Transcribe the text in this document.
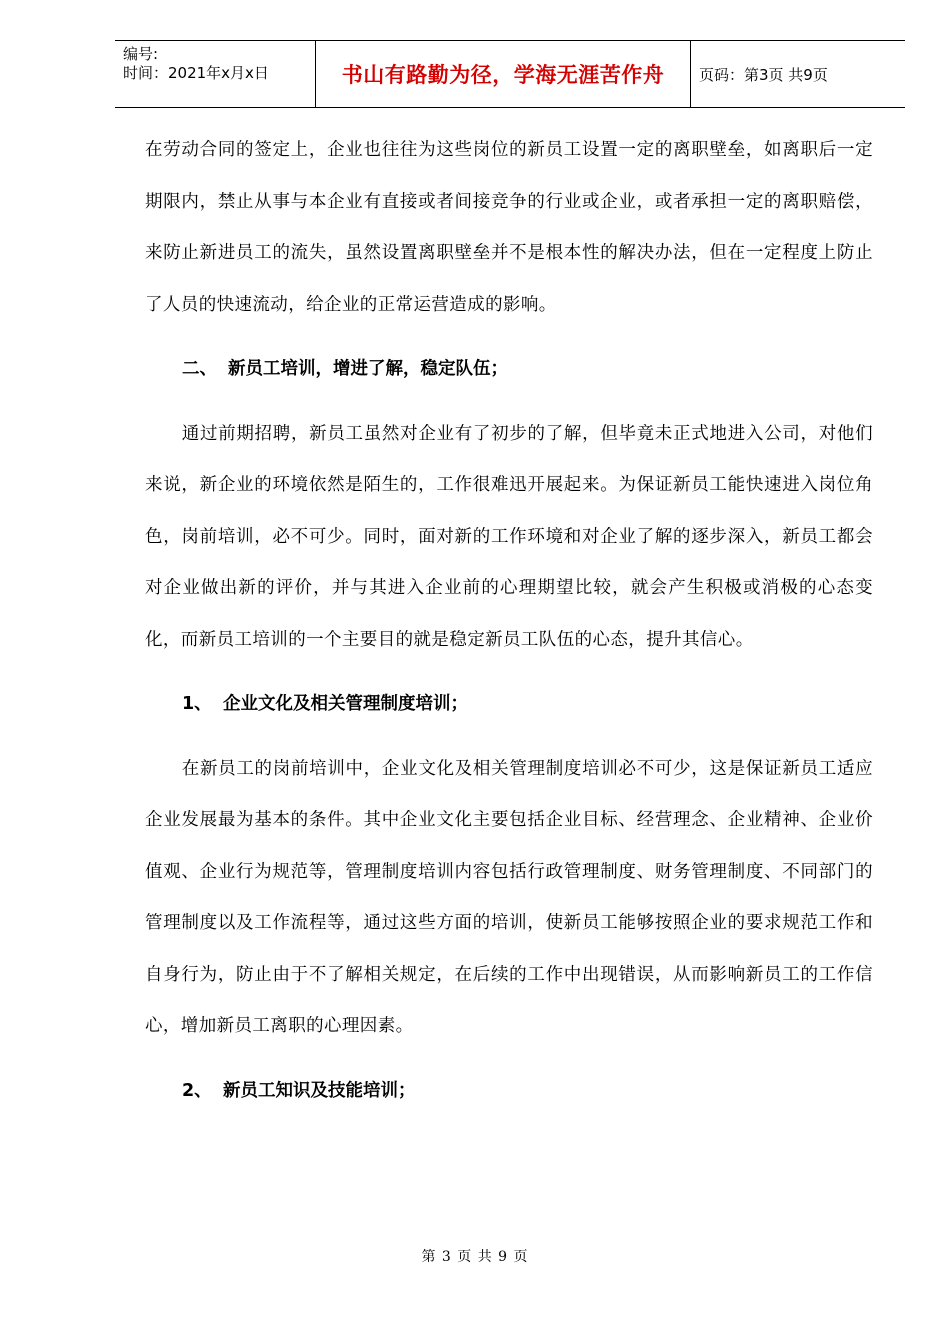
编号:
时间：2021年x月x日	书山有路勤为径，学海无涯苦作舟	页码：第3页 共9页

在劳动合同的签定上，企业也往往为这些岗位的新员工设置一定的离职壁垒，如离职后一定期限内，禁止从事与本企业有直接或者间接竞争的行业或企业，或者承担一定的离职赔偿，来防止新进员工的流失，虽然设置离职壁垒并不是根本性的解决办法，但在一定程度上防止了人员的快速流动，给企业的正常运营造成的影响。

二、 新员工培训，增进了解，稳定队伍；

通过前期招聘，新员工虽然对企业有了初步的了解，但毕竟未正式地进入公司，对他们来说，新企业的环境依然是陌生的，工作很难迅开展起来。为保证新员工能快速进入岗位角色，岗前培训，必不可少。同时，面对新的工作环境和对企业了解的逐步深入，新员工都会对企业做出新的评价，并与其进入企业前的心理期望比较，就会产生积极或消极的心态变化，而新员工培训的一个主要目的就是稳定新员工队伍的心态，提升其信心。

1、 企业文化及相关管理制度培训；

在新员工的岗前培训中，企业文化及相关管理制度培训必不可少，这是保证新员工适应企业发展最为基本的条件。其中企业文化主要包括企业目标、经营理念、企业精神、企业价值观、企业行为规范等，管理制度培训内容包括行政管理制度、财务管理制度、不同部门的管理制度以及工作流程等，通过这些方面的培训，使新员工能够按照企业的要求规范工作和自身行为，防止由于不了解相关规定，在后续的工作中出现错误，从而影响新员工的工作信心，增加新员工离职的心理因素。

2、 新员工知识及技能培训；

第 3 页 共 9 页
